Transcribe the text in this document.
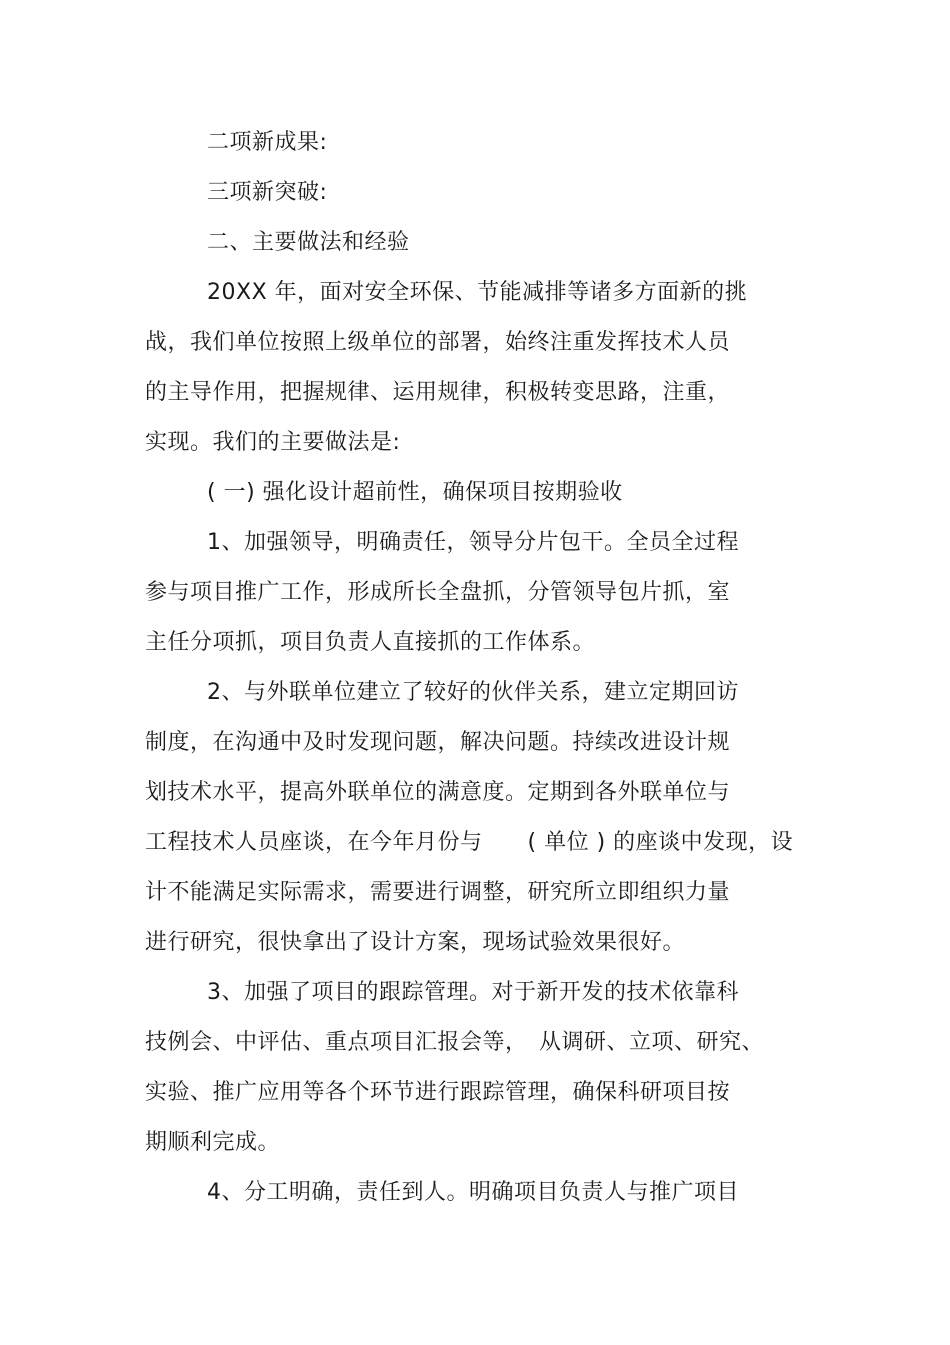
二项新成果:
三项新突破:
二、主要做法和经验
20XX 年，面对安全环保、节能减排等诸多方面新的挑
战，我们单位按照上级单位的部署，始终注重发挥技术人员
的主导作用，把握规律、运用规律，积极转变思路，注重，
实现。我们的主要做法是:
( 一) 强化设计超前性，确保项目按期验收
1、加强领导，明确责任，领导分片包干。全员全过程
参与项目推广工作，形成所长全盘抓，分管领导包片抓，室
主任分项抓，项目负责人直接抓的工作体系。
2、与外联单位建立了较好的伙伴关系，建立定期回访
制度，在沟通中及时发现问题，解决问题。持续改进设计规
划技术水平，提高外联单位的满意度。定期到各外联单位与
工程技术人员座谈，在今年月份与　　( 单位 ) 的座谈中发现，设
计不能满足实际需求，需要进行调整，研究所立即组织力量
进行研究，很快拿出了设计方案，现场试验效果很好。
3、加强了项目的跟踪管理。对于新开发的技术依靠科
技例会、中评估、重点项目汇报会等，　从调研、立项、研究、
实验、推广应用等各个环节进行跟踪管理，确保科研项目按
期顺利完成。
4、分工明确，责任到人。明确项目负责人与推广项目
